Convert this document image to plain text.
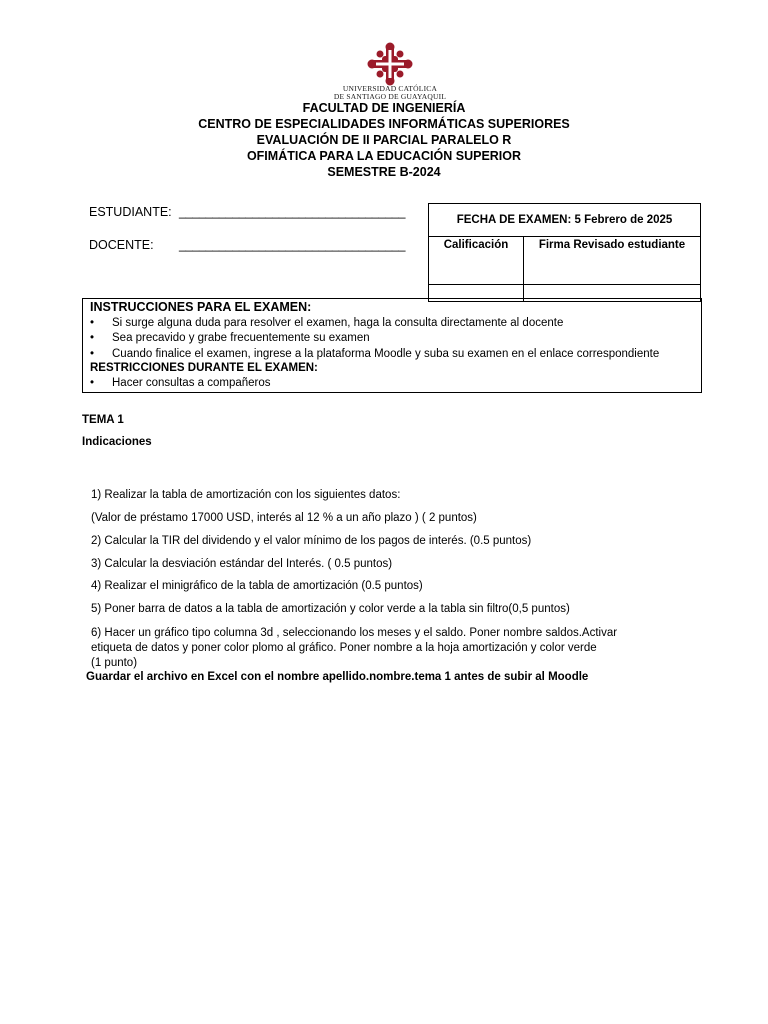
UNIVERSIDAD CATÓLICA
DE SANTIAGO DE GUAYAQUIL
FACULTAD DE INGENIERÍA
CENTRO DE ESPECIALIDADES INFORMÁTICAS SUPERIORES
EVALUACIÓN DE II PARCIAL PARALELO R
OFIMÁTICA PARA LA EDUCACIÓN SUPERIOR
SEMESTRE B-2024
ESTUDIANTE: __________________________________
DOCENTE: __________________________________
FECHA DE EXAMEN: 5 Febrero de 2025	
Calificación	Firma Revisado estudiante

INSTRUCCIONES PARA EL EXAMEN:
• Si surge alguna duda para resolver el examen, haga la consulta directamente al docente
• Sea precavido y grabe frecuentemente su examen
• Cuando finalice el examen, ingrese a la plataforma Moodle y suba su examen en el enlace correspondiente
RESTRICCIONES DURANTE EL EXAMEN:
• Hacer consultas a compañeros
TEMA 1
Indicaciones
1) Realizar la tabla de amortización con los siguientes datos:
(Valor de préstamo 17000 USD, interés al 12 % a un año plazo ) ( 2 puntos)
2) Calcular la TIR del dividendo y el valor mínimo de los pagos de interés. (0.5 puntos)
3) Calcular la desviación estándar del Interés. ( 0.5 puntos)
4) Realizar el minigráfico de la tabla de amortización (0.5 puntos)
5) Poner barra de datos a la tabla de amortización y color verde a la tabla sin filtro(0,5 puntos)
6) Hacer un gráfico tipo columna 3d , seleccionando los meses y el saldo. Poner nombre saldos.Activar
etiqueta de datos y poner color plomo al gráfico. Poner nombre a la hoja amortización y color verde
(1 punto)
Guardar el archivo en Excel con el nombre apellido.nombre.tema 1 antes de subir al Moodle
